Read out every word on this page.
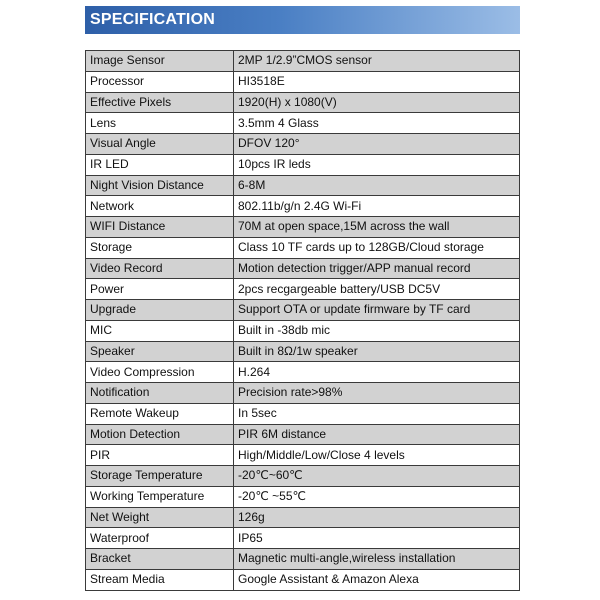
SPECIFICATION
Image Sensor	2MP 1/2.9”CMOS sensor
Processor	HI3518E
Effective Pixels	1920(H) x 1080(V)
Lens	3.5mm 4 Glass
Visual Angle	DFOV 120°
IR LED	10pcs IR leds
Night Vision Distance	6-8M
Network	802.11b/g/n 2.4G Wi-Fi
WIFI Distance	70M at open space,15M across the wall
Storage	Class 10 TF cards up to 128GB/Cloud storage
Video Record	Motion detection trigger/APP manual record
Power	2pcs recgargeable battery/USB DC5V
Upgrade	Support OTA or update firmware by TF card
MIC	Built in -38db mic
Speaker	Built in 8Ω/1w speaker
Video Compression	H.264
Notification	Precision rate>98%
Remote Wakeup	In 5sec
Motion Detection	PIR 6M distance
PIR	High/Middle/Low/Close 4 levels
Storage Temperature	-20℃~60℃
Working Temperature	-20℃ ~55℃
Net Weight	126g
Waterproof	IP65
Bracket	Magnetic multi-angle,wireless installation
Stream Media	Google Assistant & Amazon Alexa
